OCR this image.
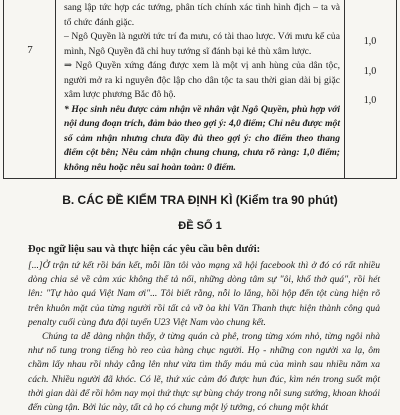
7

sang lập tức hợp các tướng, phân tích chính xác tình hình địch – ta và tổ chức đánh giặc.

– Ngô Quyền là người tức trí đa mưu, có tài thao lược. Với mưu kế của mình, Ngô Quyền đã chỉ huy tướng sĩ đánh bại kẻ thù xâm lược.

⇒ Ngô Quyền xứng đáng được xem là một vị anh hùng của dân tộc, người mở ra kỉ nguyên độc lập cho dân tộc ta sau thời gian dài bị giặc xâm lược phương Bắc đô hộ.

* Học sinh nêu được cảm nhận về nhân vật Ngô Quyền, phù hợp với nội dung đoạn trích, đảm bảo theo gợi ý: 4,0 điểm; Chỉ nêu được một số cảm nhận nhưng chưa đầy đủ theo gợi ý: cho điểm theo thang điểm cột bên; Nêu cảm nhận chung chung, chưa rõ ràng: 1,0 điểm; không nêu hoặc nêu sai hoàn toàn: 0 điểm.

1,0
1,0
1,0
B. CÁC ĐỀ KIỂM TRA ĐỊNH KÌ (Kiểm tra 90 phút)
ĐỀ SỐ 1
Đọc ngữ liệu sau và thực hiện các yêu cầu bên dưới:

[...]Ở trận tứ kết rồi bán kết, mỗi lần tôi vào mạng xã hội facebook thì ở đó có rất nhiều dòng chia sẻ về cảm xúc không thể tả nổi, những dòng tâm sự "ôi, khổ thở quá", rồi hét lên: "Tự hào quá Việt Nam ơi"... Tôi biết rằng, nỗi lo lắng, hồi hộp đến tột cùng hiện rõ trên khuôn mặt của từng người rồi tất cả vỡ òa khi Văn Thanh thực hiện thành công quả penalty cuối cùng đưa đội tuyển U23 Việt Nam vào chung kết.

Chúng ta dễ dàng nhận thấy, ở từng quán cà phê, trong từng xóm nhỏ, từng ngôi nhà như nổ tung trong tiếng hò reo của hàng chục người. Họ - những con người xa lạ, ôm chầm lấy nhau rồi nhảy cẫng lên như vừa tìm thấy máu mủ của mình sau nhiều năm xa cách. Nhiều người đã khóc. Có lẽ, thứ xúc cảm đó được hun đúc, kìm nén trong suốt một thời gian dài để rồi hôm nay mọi thứ thực sự bùng cháy trong nỗi sung sướng, khoan khoái đến cùng tận. Bởi lúc này, tất cả họ có chung một lý tưởng, có chung một khát
